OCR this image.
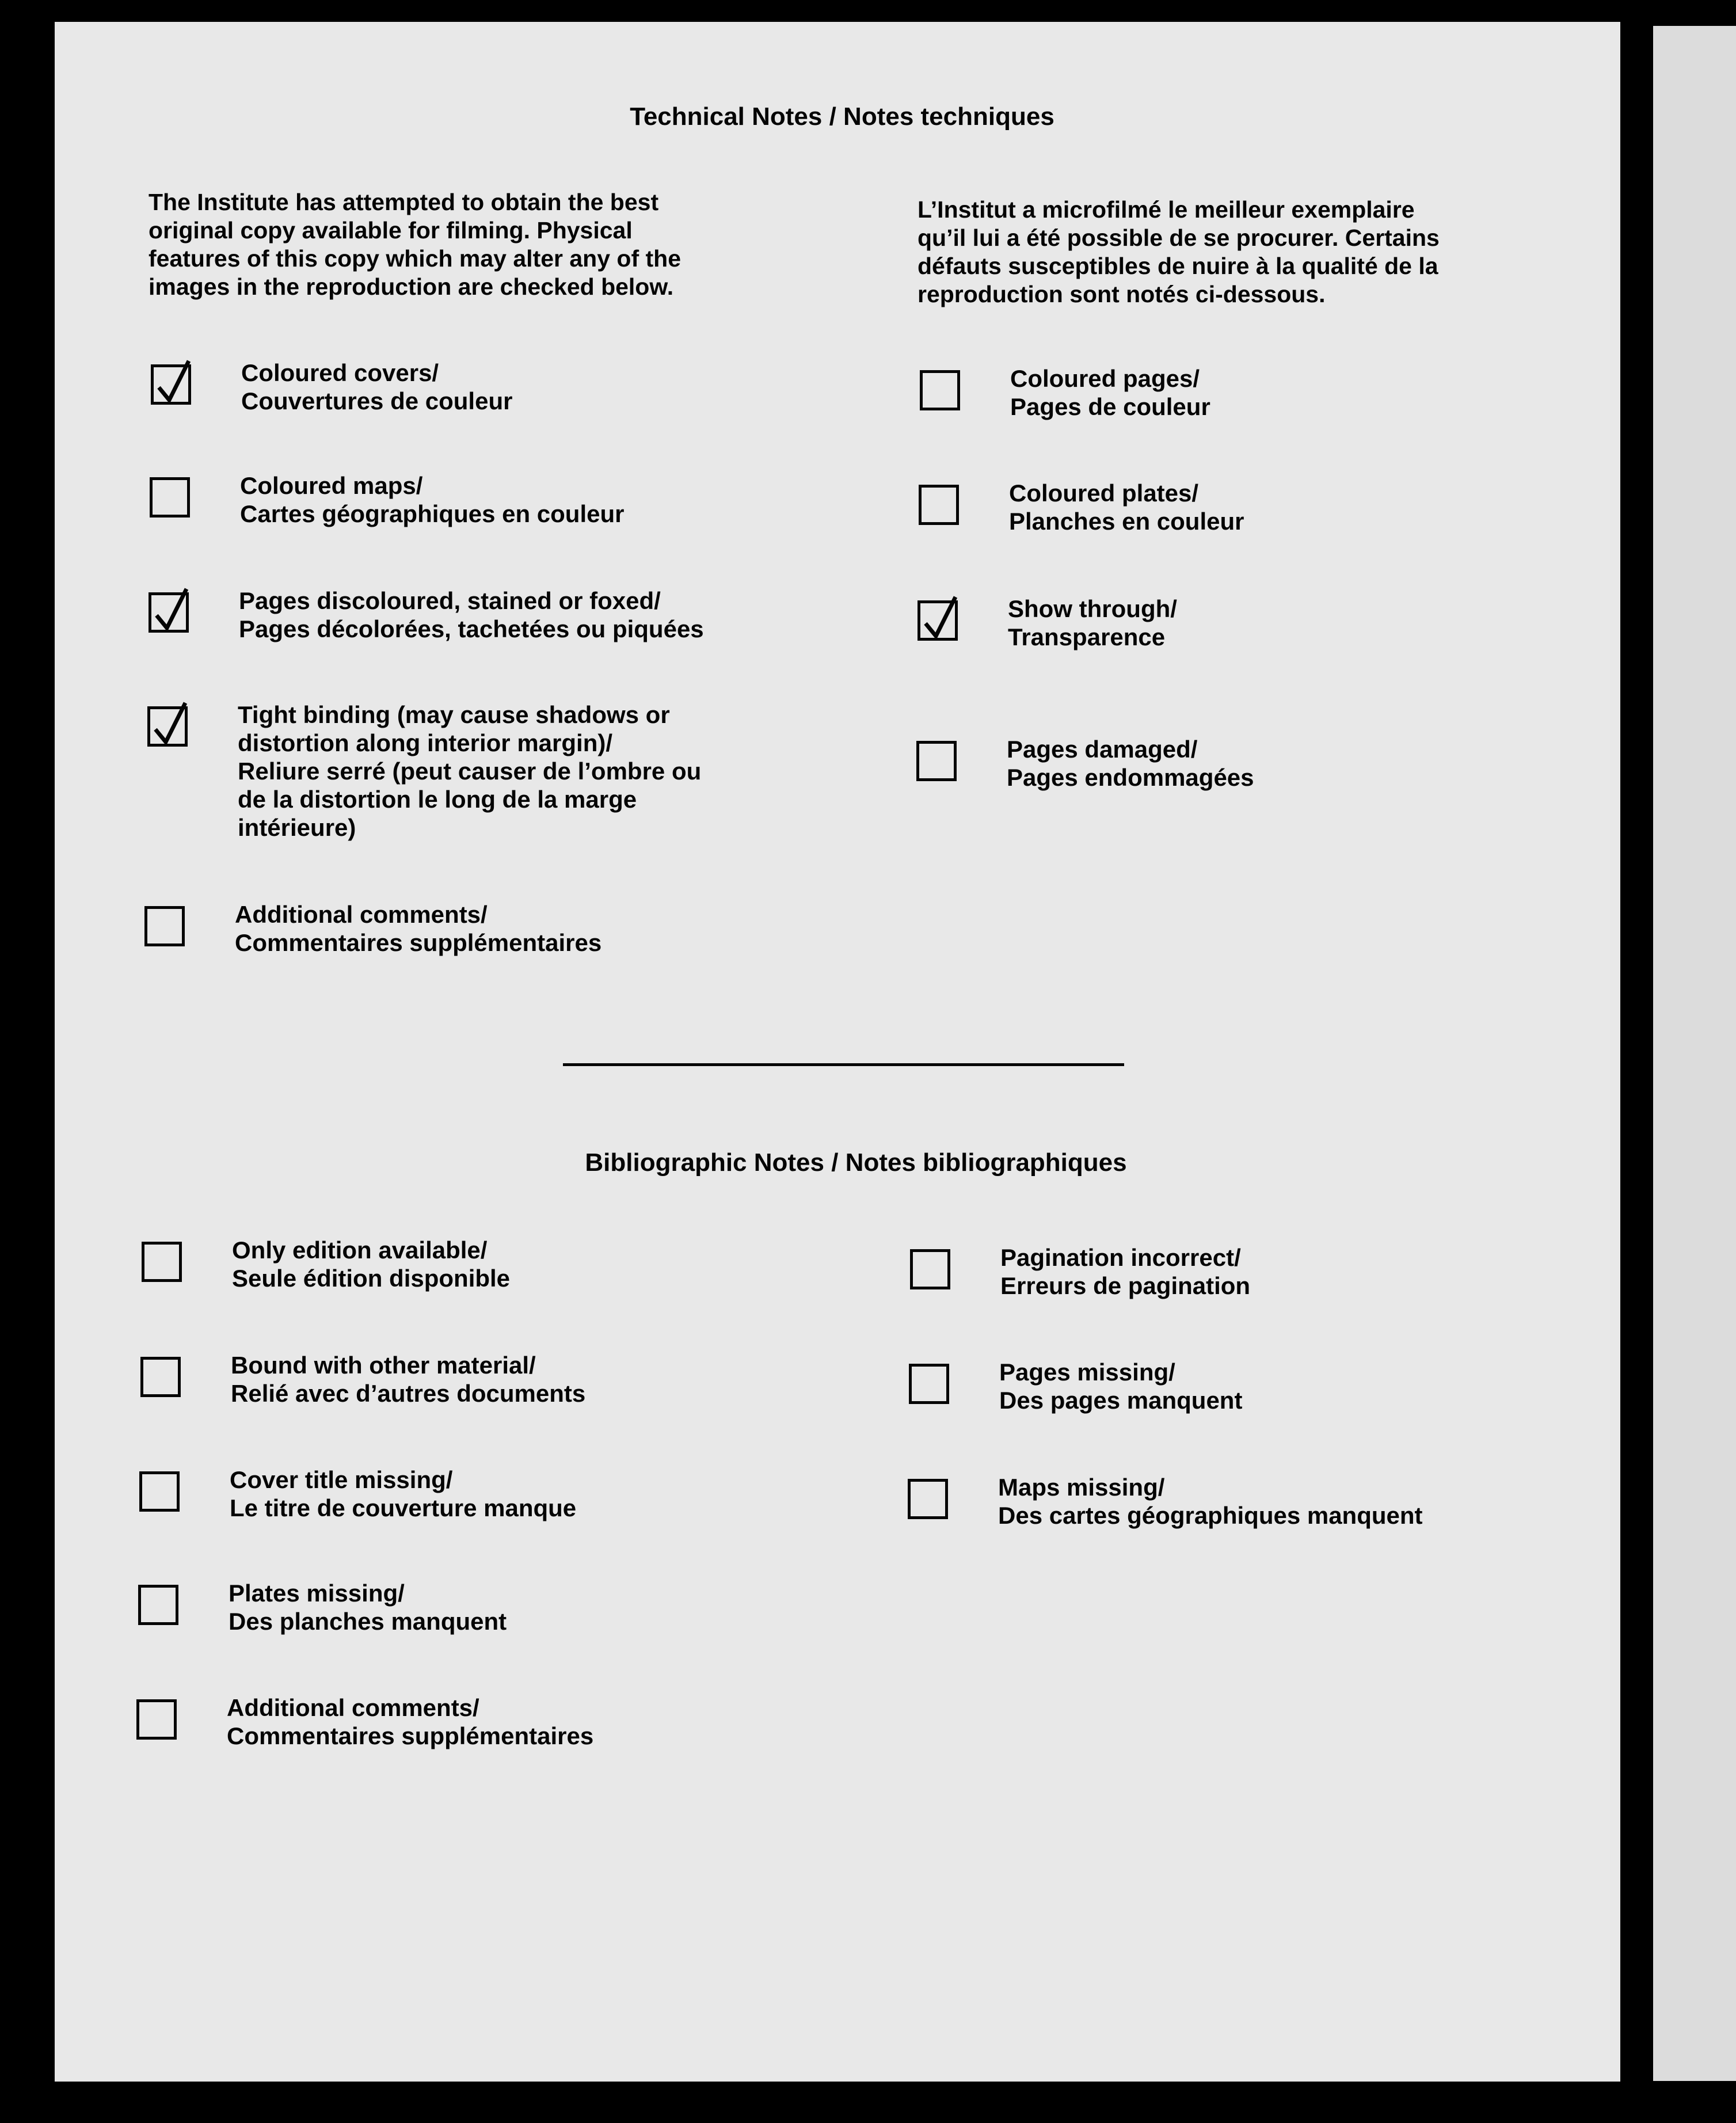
Technical Notes / Notes techniques
The Institute has attempted to obtain the best
original copy available for filming. Physical
features of this copy which may alter any of the
images in the reproduction are checked below.
L’Institut a microfilmé le meilleur exemplaire
qu’il lui a été possible de se procurer. Certains
défauts susceptibles de nuire à la qualité de la
reproduction sont notés ci-dessous.
Coloured covers/
Couvertures de couleur
Coloured maps/
Cartes géographiques en couleur
Pages discoloured, stained or foxed/
Pages décolorées, tachetées ou piquées
Tight binding (may cause shadows or
distortion along interior margin)/
Reliure serré (peut causer de l’ombre ou
de la distortion le long de la marge
intérieure)
Additional comments/
Commentaires supplémentaires
Coloured pages/
Pages de couleur
Coloured plates/
Planches en couleur
Show through/
Transparence
Pages damaged/
Pages endommagées
Bibliographic Notes / Notes bibliographiques
Only edition available/
Seule édition disponible
Bound with other material/
Relié avec d’autres documents
Cover title missing/
Le titre de couverture manque
Plates missing/
Des planches manquent
Additional comments/
Commentaires supplémentaires
Pagination incorrect/
Erreurs de pagination
Pages missing/
Des pages manquent
Maps missing/
Des cartes géographiques manquent
